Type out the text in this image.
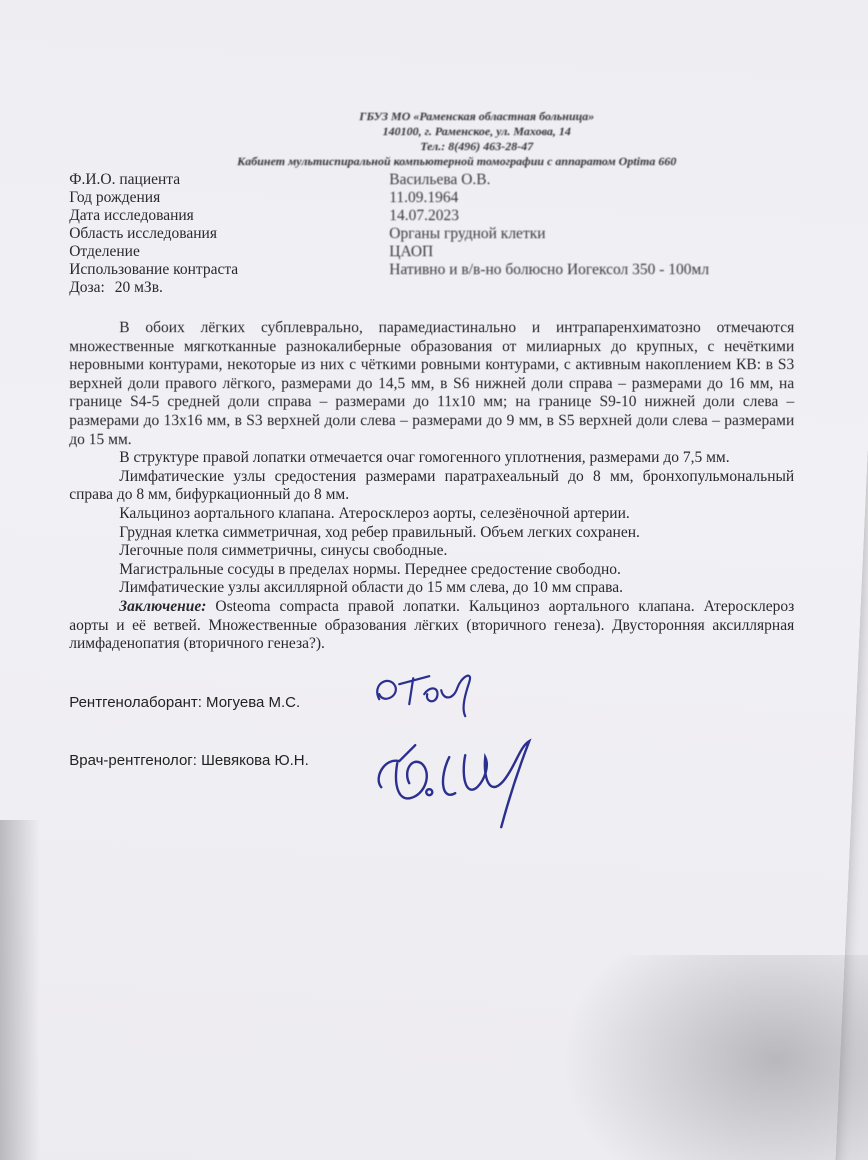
ГБУЗ МО «Раменская областная больница»
140100, г. Раменское, ул. Махова, 14
Тел.: 8(496) 463-28-47
Кабинет мультиспиральной компьютерной томографии с аппаратом Optima 660
Ф.И.О. пациента	Васильева О.В.
Год рождения	11.09.1964
Дата исследования	14.07.2023
Область исследования	Органы грудной клетки
Отделение	ЦАОП
Использование контраста	Нативно и в/в-но болюсно Иогексол 350 - 100мл
Доза: 20 мЗв.

В обоих лёгких субплеврально, парамедиастинально и интрапаренхиматозно отмечаются множественные мягкотканные разнокалиберные образования от милиарных до крупных, с нечёткими неровными контурами, некоторые из них с чёткими ровными контурами, с активным накоплением КВ: в S3 верхней доли правого лёгкого, размерами до 14,5 мм, в S6 нижней доли справа – размерами до 16 мм, на границе S4-5 средней доли справа – размерами до 11x10 мм; на границе S9-10 нижней доли слева – размерами до 13x16 мм, в S3 верхней доли слева – размерами до 9 мм, в S5 верхней доли слева – размерами до 15 мм.

В структуре правой лопатки отмечается очаг гомогенного уплотнения, размерами до 7,5 мм.

Лимфатические узлы средостения размерами паратрахеальный до 8 мм, бронхопульмональный справа до 8 мм, бифуркационный до 8 мм.

Кальциноз аортального клапана. Атеросклероз аорты, селезёночной артерии.

Грудная клетка симметричная, ход ребер правильный. Объем легких сохранен.

Легочные поля симметричны, синусы свободные.

Магистральные сосуды в пределах нормы. Переднее средостение свободно.

Лимфатические узлы аксиллярной области до 15 мм слева, до 10 мм справа.

Заключение: Osteoma compacta правой лопатки. Кальциноз аортального клапана. Атеросклероз аорты и её ветвей. Множественные образования лёгких (вторичного генеза). Двусторонняя аксиллярная лимфаденопатия (вторичного генеза?).

Рентгенолаборант: Могуева М.С.
Врач-рентгенолог: Шевякова Ю.Н.
